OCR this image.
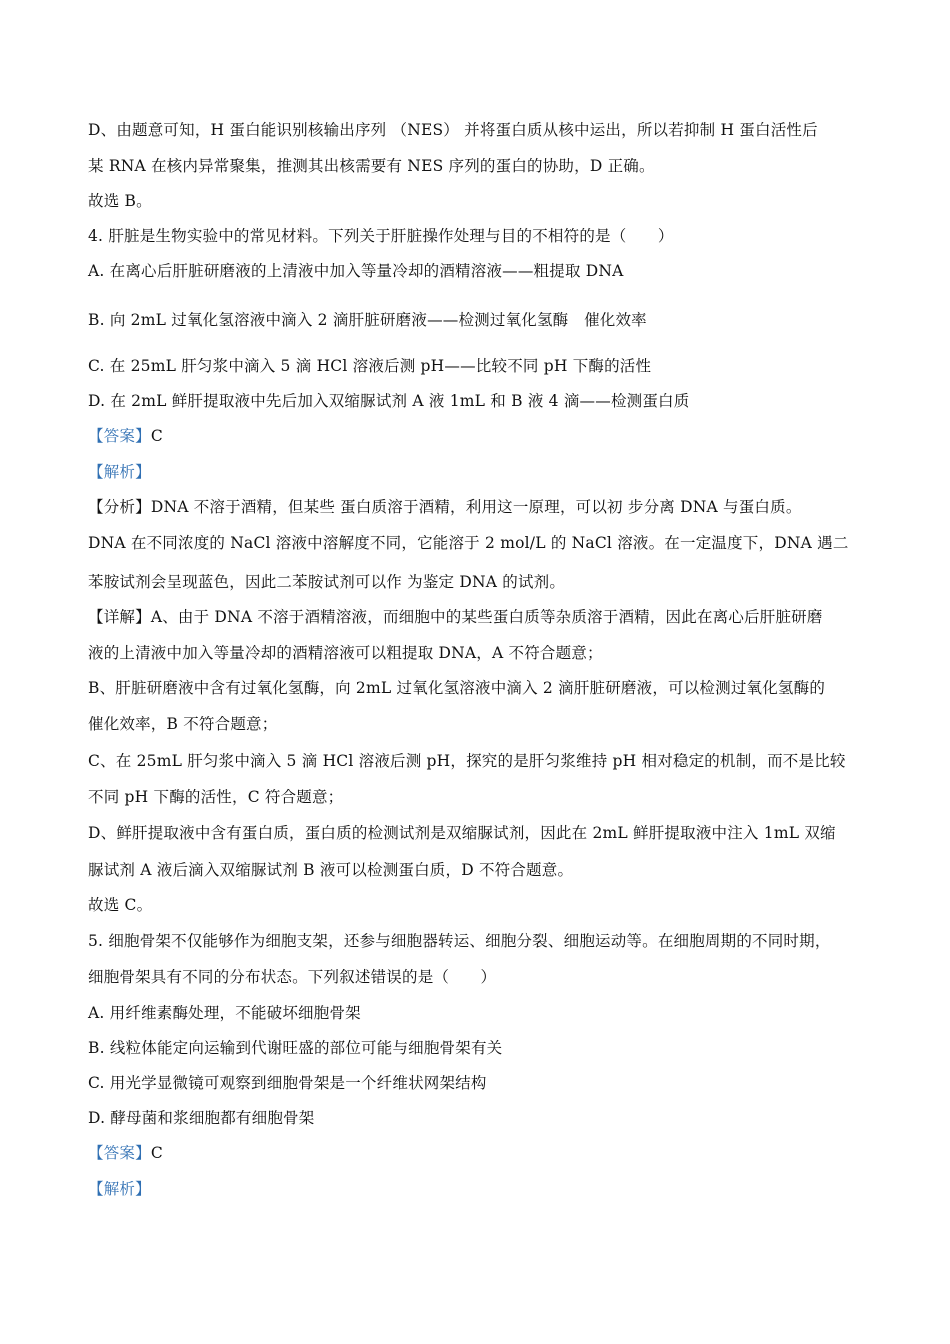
D、由题意可知，H 蛋白能识别核输出序列 （NES） 并将蛋白质从核中运出，所以若抑制 H 蛋白活性后
某 RNA 在核内异常聚集，推测其出核需要有 NES 序列的蛋白的协助，D 正确。
故选 B。
4. 肝脏是生物实验中的常见材料。下列关于肝脏操作处理与目的不相符的是（　　）
A. 在离心后肝脏研磨液的上清液中加入等量冷却的酒精溶液——粗提取 DNA
B. 向 2mL 过氧化氢溶液中滴入 2 滴肝脏研磨液——检测过氧化氢酶　催化效率
C. 在 25mL 肝匀浆中滴入 5 滴 HCl 溶液后测 pH——比较不同 pH 下酶的活性
D. 在 2mL 鲜肝提取液中先后加入双缩脲试剂 A 液 1mL 和 B 液 4 滴——检测蛋白质
【答案】C
【解析】
【分析】DNA 不溶于酒精，但某些 蛋白质溶于酒精，利用这一原理，可以初 步分离 DNA 与蛋白质。
DNA 在不同浓度的 NaCl 溶液中溶解度不同，它能溶于 2 mol/L 的 NaCl 溶液。在一定温度下，DNA 遇二
苯胺试剂会呈现蓝色，因此二苯胺试剂可以作 为鉴定 DNA 的试剂。
【详解】A、由于 DNA 不溶于酒精溶液，而细胞中的某些蛋白质等杂质溶于酒精，因此在离心后肝脏研磨
液的上清液中加入等量冷却的酒精溶液可以粗提取 DNA，A 不符合题意；
B、肝脏研磨液中含有过氧化氢酶，向 2mL 过氧化氢溶液中滴入 2 滴肝脏研磨液，可以检测过氧化氢酶的
催化效率，B 不符合题意；
C、在 25mL 肝匀浆中滴入 5 滴 HCl 溶液后测 pH，探究的是肝匀浆维持 pH 相对稳定的机制，而不是比较
不同 pH 下酶的活性，C 符合题意；
D、鲜肝提取液中含有蛋白质，蛋白质的检测试剂是双缩脲试剂，因此在 2mL 鲜肝提取液中注入 1mL 双缩
脲试剂 A 液后滴入双缩脲试剂 B 液可以检测蛋白质，D 不符合题意。
故选 C。
5. 细胞骨架不仅能够作为细胞支架，还参与细胞器转运、细胞分裂、细胞运动等。在细胞周期的不同时期，
细胞骨架具有不同的分布状态。下列叙述错误的是（　　）
A. 用纤维素酶处理，不能破坏细胞骨架
B. 线粒体能定向运输到代谢旺盛的部位可能与细胞骨架有关
C. 用光学显微镜可观察到细胞骨架是一个纤维状网架结构
D. 酵母菌和浆细胞都有细胞骨架
【答案】C
【解析】
